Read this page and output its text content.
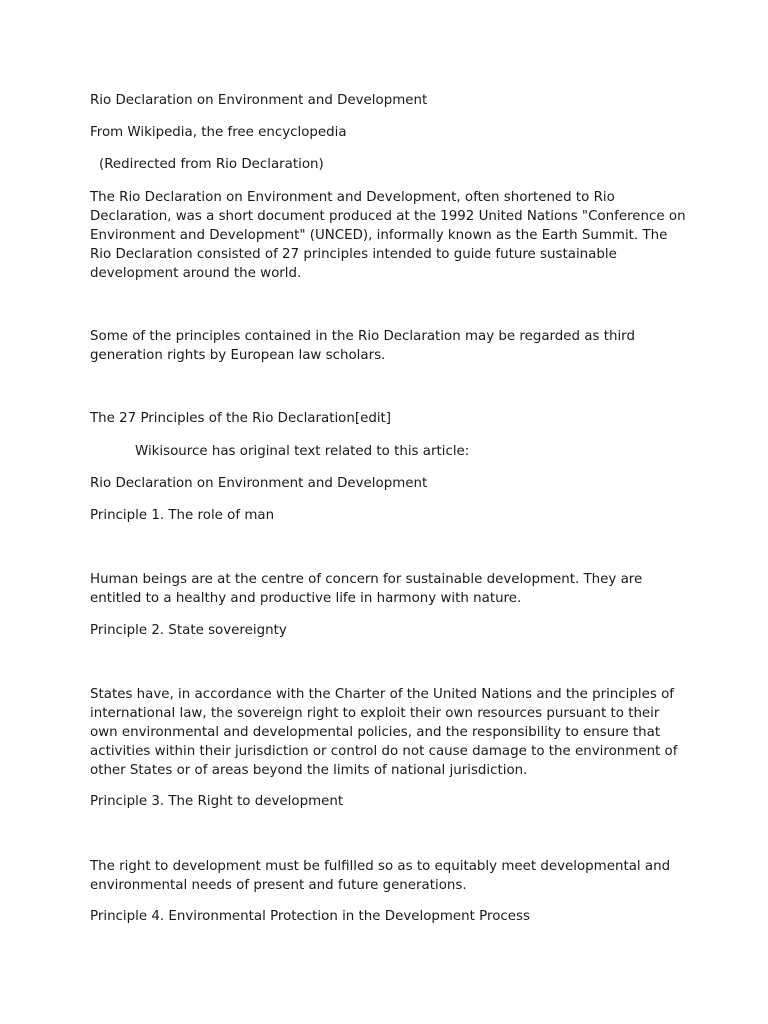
Rio Declaration on Environment and Development

From Wikipedia, the free encyclopedia

(Redirected from Rio Declaration)

The Rio Declaration on Environment and Development, often shortened to Rio Declaration, was a short document produced at the 1992 United Nations "Conference on Environment and Development" (UNCED), informally known as the Earth Summit. The Rio Declaration consisted of 27 principles intended to guide future sustainable development around the world.

Some of the principles contained in the Rio Declaration may be regarded as third generation rights by European law scholars.

The 27 Principles of the Rio Declaration[edit]

Wikisource has original text related to this article:

Rio Declaration on Environment and Development

Principle 1. The role of man

Human beings are at the centre of concern for sustainable development. They are entitled to a healthy and productive life in harmony with nature.

Principle 2. State sovereignty

States have, in accordance with the Charter of the United Nations and the principles of international law, the sovereign right to exploit their own resources pursuant to their own environmental and developmental policies, and the responsibility to ensure that activities within their jurisdiction or control do not cause damage to the environment of other States or of areas beyond the limits of national jurisdiction.

Principle 3. The Right to development

The right to development must be fulfilled so as to equitably meet developmental and environmental needs of present and future generations.

Principle 4. Environmental Protection in the Development Process
